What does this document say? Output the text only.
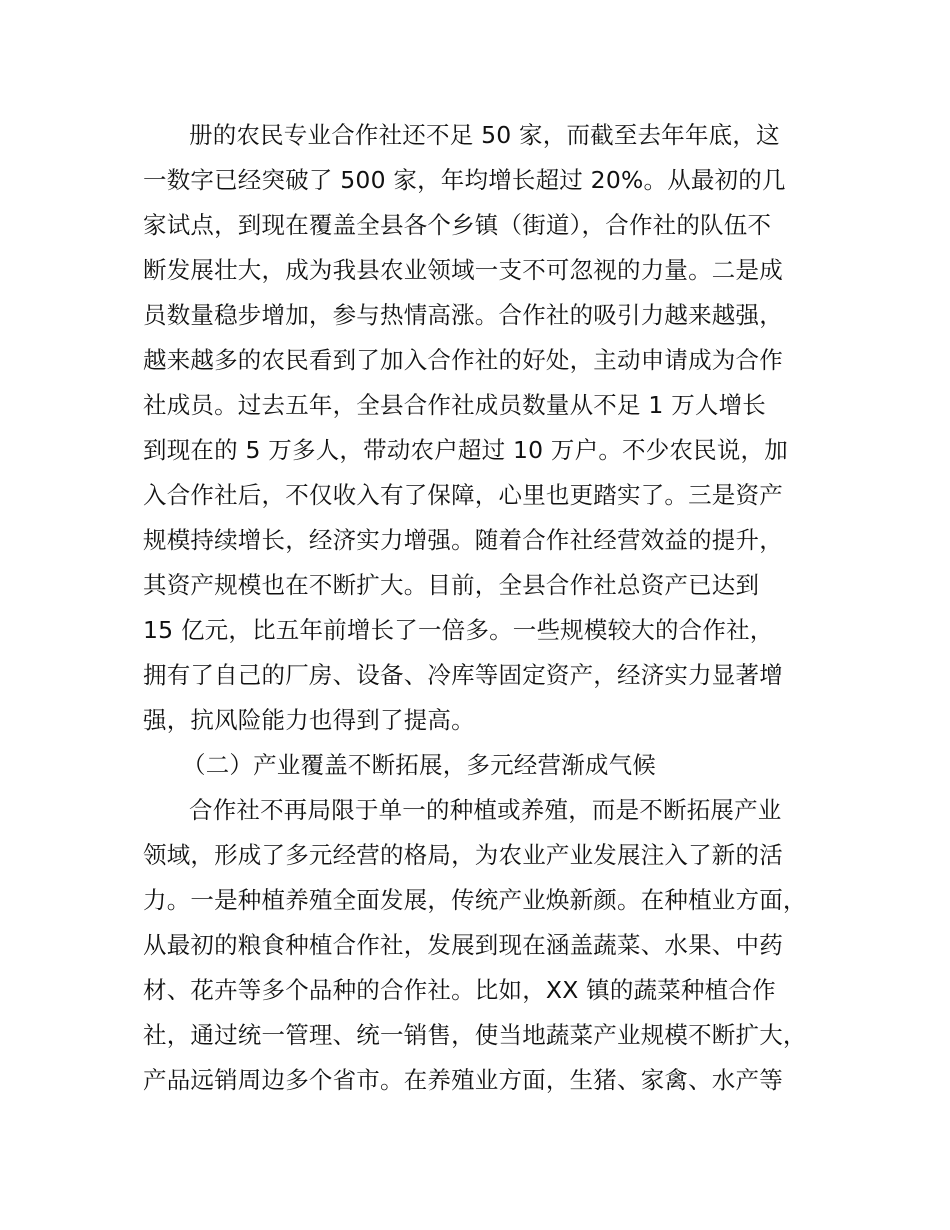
册的农民专业合作社还不足 50 家，而截至去年年底，这
一数字已经突破了 500 家，年均增长超过 20%。从最初的几
家试点，到现在覆盖全县各个乡镇（街道），合作社的队伍不
断发展壮大，成为我县农业领域一支不可忽视的力量。二是成
员数量稳步增加，参与热情高涨。合作社的吸引力越来越强，
越来越多的农民看到了加入合作社的好处，主动申请成为合作
社成员。过去五年，全县合作社成员数量从不足 1 万人增长
到现在的 5 万多人，带动农户超过 10 万户。不少农民说，加
入合作社后，不仅收入有了保障，心里也更踏实了。三是资产
规模持续增长，经济实力增强。随着合作社经营效益的提升，
其资产规模也在不断扩大。目前，全县合作社总资产已达到
15 亿元，比五年前增长了一倍多。一些规模较大的合作社，
拥有了自己的厂房、设备、冷库等固定资产，经济实力显著增
强，抗风险能力也得到了提高。
（二）产业覆盖不断拓展，多元经营渐成气候
合作社不再局限于单一的种植或养殖，而是不断拓展产业
领域，形成了多元经营的格局，为农业产业发展注入了新的活
力。一是种植养殖全面发展，传统产业焕新颜。在种植业方面，
从最初的粮食种植合作社，发展到现在涵盖蔬菜、水果、中药
材、花卉等多个品种的合作社。比如，XX 镇的蔬菜种植合作
社，通过统一管理、统一销售，使当地蔬菜产业规模不断扩大，
产品远销周边多个省市。在养殖业方面，生猪、家禽、水产等
